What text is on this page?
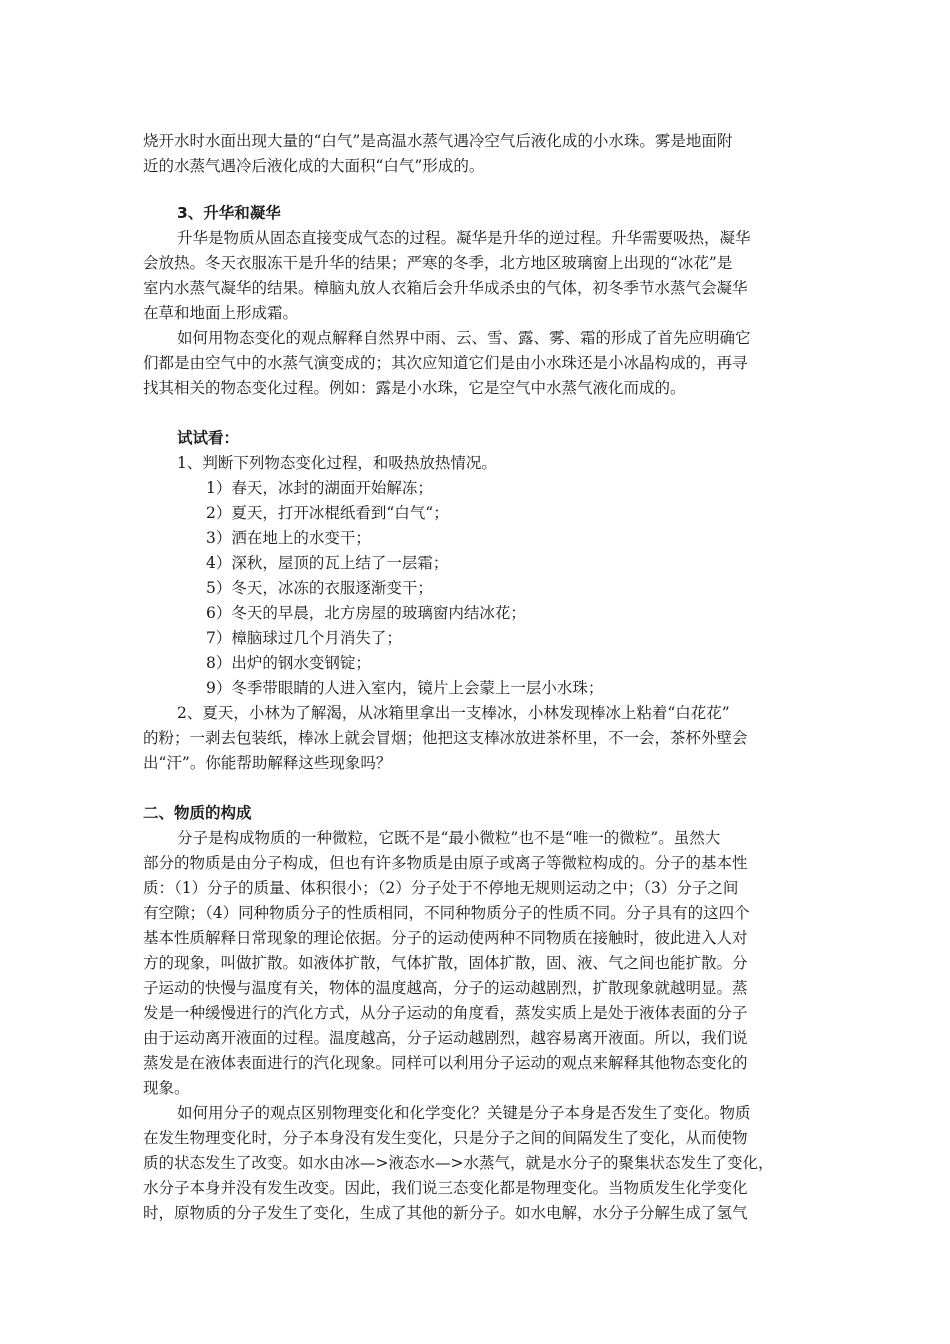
烧开水时水面出现大量的“白气”是高温水蒸气遇冷空气后液化成的小水珠。雾是地面附
近的水蒸气遇冷后液化成的大面积“白气”形成的。
3、升华和凝华
升华是物质从固态直接变成气态的过程。凝华是升华的逆过程。升华需要吸热，凝华
会放热。冬天衣服冻干是升华的结果；严寒的冬季，北方地区玻璃窗上出现的“冰花”是
室内水蒸气凝华的结果。樟脑丸放人衣箱后会升华成杀虫的气体，初冬季节水蒸气会凝华
在草和地面上形成霜。
如何用物态变化的观点解释自然界中雨、云、雪、露、雾、霜的形成了首先应明确它
们都是由空气中的水蒸气演变成的；其次应知道它们是由小水珠还是小冰晶构成的，再寻
找其相关的物态变化过程。例如：露是小水珠，它是空气中水蒸气液化而成的。
试试看：
1、判断下列物态变化过程，和吸热放热情况。
1）春天，冰封的湖面开始解冻；
2）夏天，打开冰棍纸看到“白气“；
3）洒在地上的水变干；
4）深秋，屋顶的瓦上结了一层霜；
5）冬天，冰冻的衣服逐渐变干；
6）冬天的早晨，北方房屋的玻璃窗内结冰花；
7）樟脑球过几个月消失了；
8）出炉的钢水变钢锭；
9）冬季带眼睛的人进入室内，镜片上会蒙上一层小水珠；
2、夏天，小林为了解渴，从冰箱里拿出一支棒冰，小林发现棒冰上粘着“白花花”
的粉；一剥去包装纸，棒冰上就会冒烟；他把这支棒冰放进茶杯里，不一会，茶杯外壁会
出“汗”。你能帮助解释这些现象吗？
二、物质的构成
分子是构成物质的一种微粒，它既不是“最小微粒”也不是“唯一的微粒”。虽然大
部分的物质是由分子构成，但也有许多物质是由原子或离子等微粒构成的。分子的基本性
质：（1）分子的质量、体积很小；（2）分子处于不停地无规则运动之中；（3）分子之间
有空隙；（4）同种物质分子的性质相同，不同种物质分子的性质不同。分子具有的这四个
基本性质解释日常现象的理论依据。分子的运动使两种不同物质在接触时，彼此进入人对
方的现象，叫做扩散。如液体扩散，气体扩散，固体扩散，固、液、气之间也能扩散。分
子运动的快慢与温度有关，物体的温度越高，分子的运动越剧烈，扩散现象就越明显。蒸
发是一种缓慢进行的汽化方式，从分子运动的角度看，蒸发实质上是处于液体表面的分子
由于运动离开液面的过程。温度越高，分子运动越剧烈，越容易离开液面。所以，我们说
蒸发是在液体表面进行的汽化现象。同样可以利用分子运动的观点来解释其他物态变化的
现象。
如何用分子的观点区别物理变化和化学变化？关键是分子本身是否发生了变化。物质
在发生物理变化时，分子本身没有发生变化，只是分子之间的间隔发生了变化，从而使物
质的状态发生了改变。如水由冰—>液态水—>水蒸气，就是水分子的聚集状态发生了变化，
水分子本身并没有发生改变。因此，我们说三态变化都是物理变化。当物质发生化学变化
时，原物质的分子发生了变化，生成了其他的新分子。如水电解，水分子分解生成了氢气
